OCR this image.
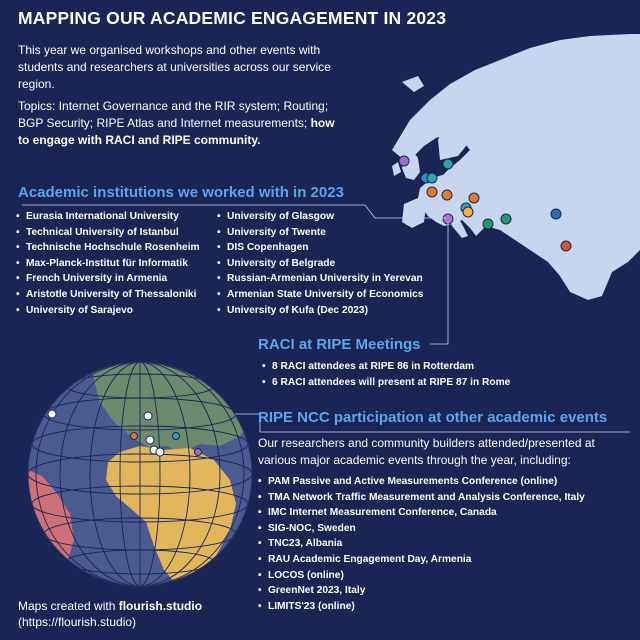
MAPPING OUR ACADEMIC ENGAGEMENT IN 2023
This year we organised workshops and other events with students and researchers at universities across our service region.
Topics: Internet Governance and the RIR system; Routing; BGP Security; RIPE Atlas and Internet measurements; how to engage with RACI and RIPE community.
Academic institutions we worked with in 2023
• Eurasia International University
• Technical University of Istanbul
• Technische Hochschule Rosenheim
• Max-Planck-Institut für Informatik
• French University in Armenia
• Aristotle University of Thessaloniki
• University of Sarajevo
• University of Glasgow
• University of Twente
• DIS Copenhagen
• University of Belgrade
• Russian-Armenian University in Yerevan
• Armenian State University of Economics
• University of Kufa (Dec 2023)
RACI at RIPE Meetings
• 8 RACI attendees at RIPE 86 in Rotterdam
• 6 RACI attendees will present at RIPE 87 in Rome
RIPE NCC participation at other academic events
Our researchers and community builders attended/presented at various major academic events through the year, including:
• PAM Passive and Active Measurements Conference (online)
• TMA Network Traffic Measurement and Analysis Conference, Italy
• IMC Internet Measurement Conference, Canada
• SIG-NOC, Sweden
• TNC23, Albania
• RAU Academic Engagement Day, Armenia
• LOCOS (online)
• GreenNet 2023, Italy
• LIMITS'23 (online)
Maps created with flourish.studio
(https://flourish.studio)
